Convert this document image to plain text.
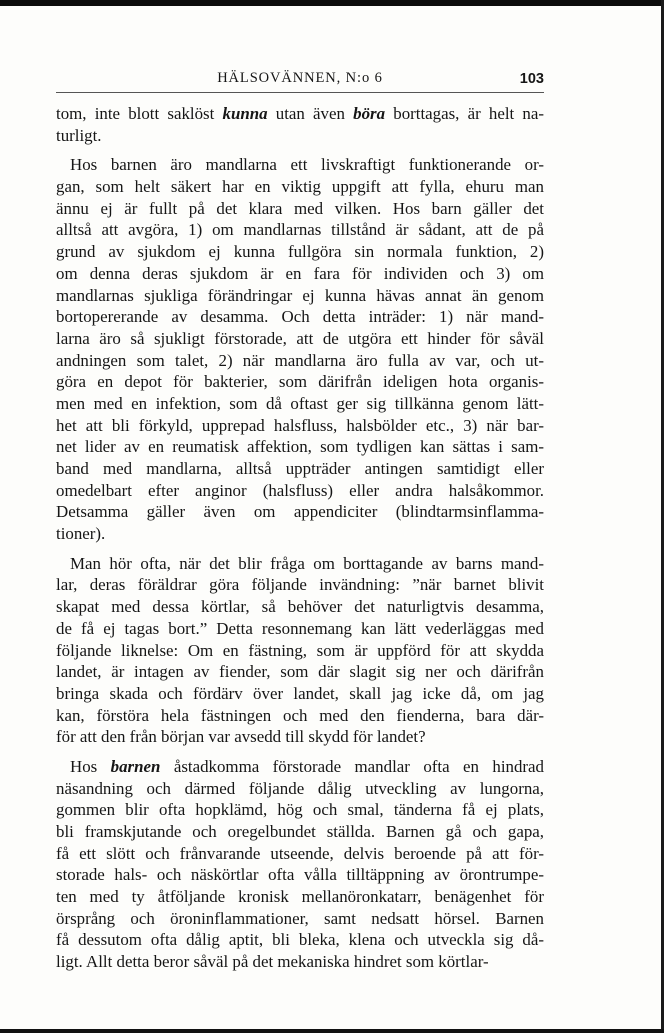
HÄLSOVÄNNEN, N:o 6	103
tom, inte blott saklöst kunna utan även böra borttagas, är helt na-
turligt.
Hos barnen äro mandlarna ett livskraftigt funktionerande or-
gan, som helt säkert har en viktig uppgift att fylla, ehuru man
ännu ej är fullt på det klara med vilken. Hos barn gäller det
alltså att avgöra, 1) om mandlarnas tillstånd är sådant, att de på
grund av sjukdom ej kunna fullgöra sin normala funktion, 2)
om denna deras sjukdom är en fara för individen och 3) om
mandlarnas sjukliga förändringar ej kunna hävas annat än genom
bortopererande av desamma. Och detta inträder: 1) när mand-
larna äro så sjukligt förstorade, att de utgöra ett hinder för såväl
andningen som talet, 2) när mandlarna äro fulla av var, och ut-
göra en depot för bakterier, som därifrån ideligen hota organis-
men med en infektion, som då oftast ger sig tillkänna genom lätt-
het att bli förkyld, upprepad halsfluss, halsbölder etc., 3) när bar-
net lider av en reumatisk affektion, som tydligen kan sättas i sam-
band med mandlarna, alltså uppträder antingen samtidigt eller
omedelbart efter anginor (halsfluss) eller andra halsåkommor.
Detsamma gäller även om appendiciter (blindtarmsinflamma-
tioner).
Man hör ofta, när det blir fråga om borttagande av barns mand-
lar, deras föräldrar göra följande invändning: ”när barnet blivit
skapat med dessa körtlar, så behöver det naturligtvis desamma,
de få ej tagas bort.” Detta resonnemang kan lätt vederläggas med
följande liknelse: Om en fästning, som är uppförd för att skydda
landet, är intagen av fiender, som där slagit sig ner och därifrån
bringa skada och fördärv över landet, skall jag icke då, om jag
kan, förstöra hela fästningen och med den fienderna, bara där-
för att den från början var avsedd till skydd för landet?
Hos barnen åstadkomma förstorade mandlar ofta en hindrad
näsandning och därmed följande dålig utveckling av lungorna,
gommen blir ofta hopklämd, hög och smal, tänderna få ej plats,
bli framskjutande och oregelbundet ställda. Barnen gå och gapa,
få ett slött och frånvarande utseende, delvis beroende på att för-
storade hals- och näskörtlar ofta vålla tilltäppning av örontrumpe-
ten med ty åtföljande kronisk mellanöronkatarr, benägenhet för
örsprång och öroninflammationer, samt nedsatt hörsel. Barnen
få dessutom ofta dålig aptit, bli bleka, klena och utveckla sig då-
ligt. Allt detta beror såväl på det mekaniska hindret som körtlar-
